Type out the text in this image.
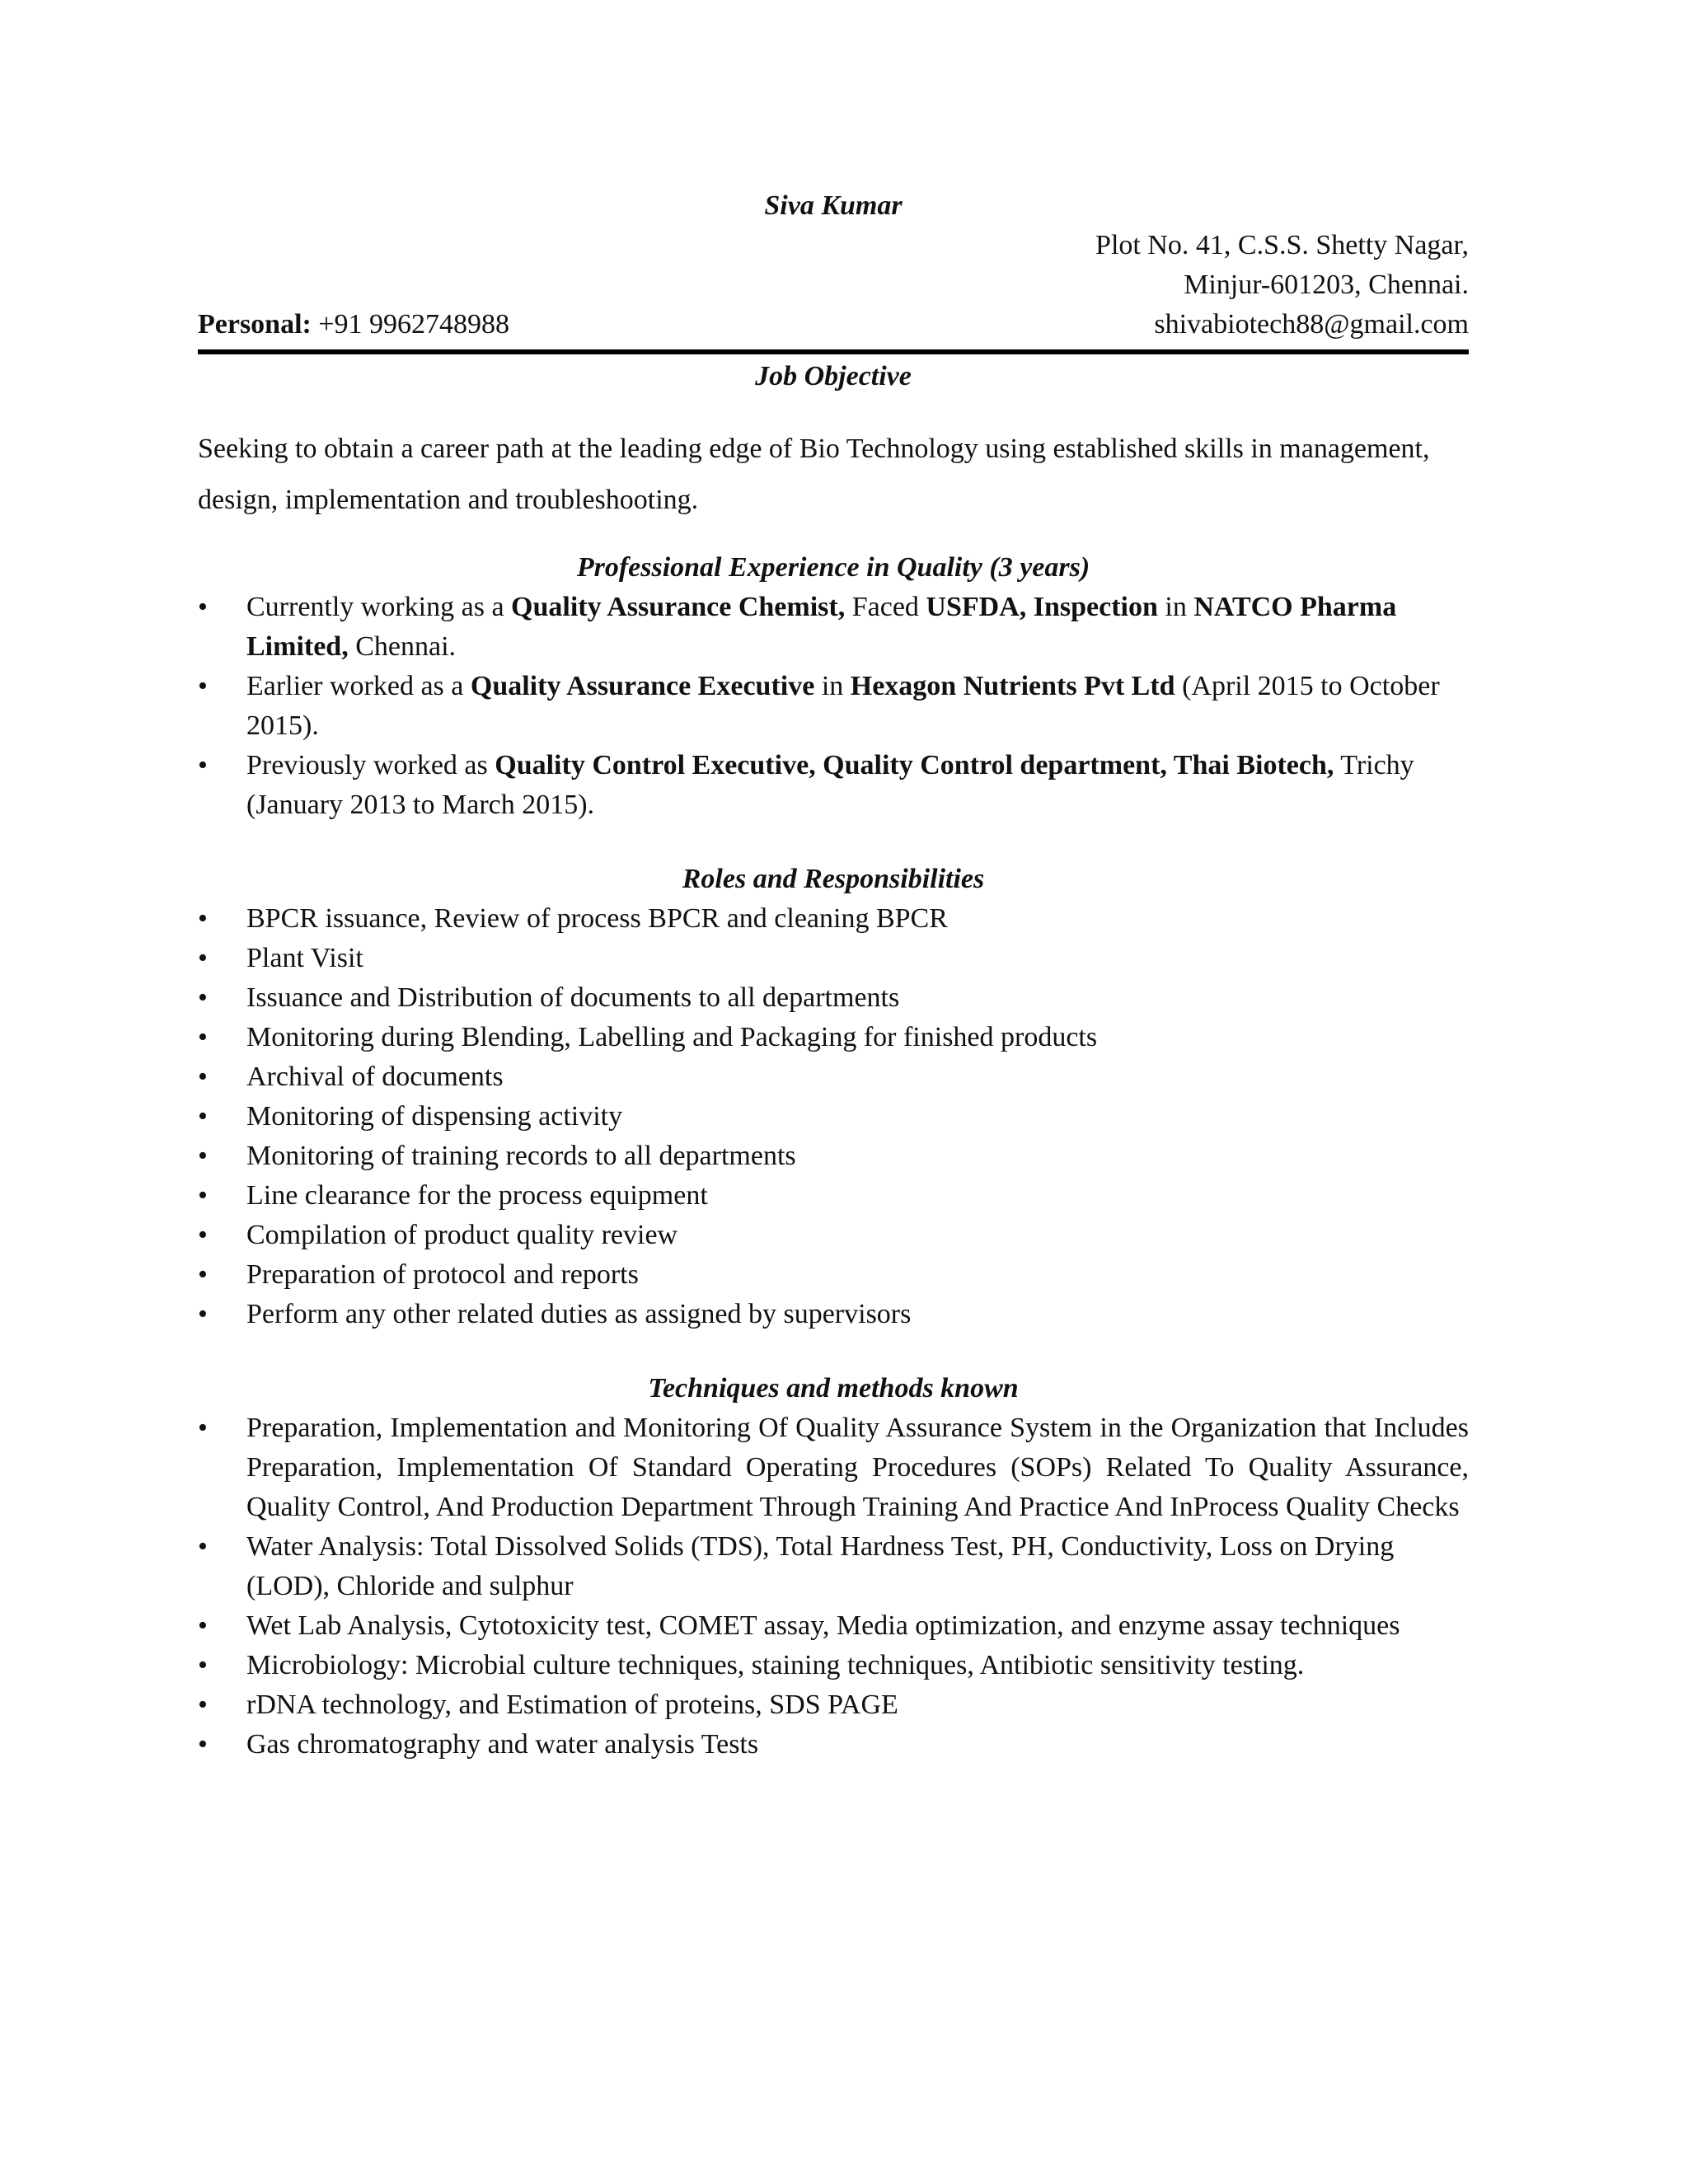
Siva Kumar
Personal: +91 9962748988
Plot No. 41, C.S.S. Shetty Nagar,
Minjur-601203, Chennai.
shivabiotech88@gmail.com
Job Objective
Seeking to obtain a career path at the leading edge of Bio Technology using established skills in management, design, implementation and troubleshooting.
Professional Experience in Quality (3 years)
• Currently working as a Quality Assurance Chemist, Faced USFDA, Inspection in NATCO Pharma Limited, Chennai.
• Earlier worked as a Quality Assurance Executive in Hexagon Nutrients Pvt Ltd (April 2015 to October 2015).
• Previously worked as Quality Control Executive, Quality Control department, Thai Biotech, Trichy (January 2013 to March 2015).
Roles and Responsibilities
• BPCR issuance, Review of process BPCR and cleaning BPCR
• Plant Visit
• Issuance and Distribution of documents to all departments
• Monitoring during Blending, Labelling and Packaging for finished products
• Archival of documents
• Monitoring of dispensing activity
• Monitoring of training records to all departments
• Line clearance for the process equipment
• Compilation of product quality review
• Preparation of protocol and reports
• Perform any other related duties as assigned by supervisors
Techniques and methods known
• Preparation, Implementation and Monitoring Of Quality Assurance System in the Organization that Includes Preparation, Implementation Of Standard Operating Procedures (SOPs) Related To Quality Assurance, Quality Control, And Production Department Through Training And Practice And InProcess Quality Checks
• Water Analysis: Total Dissolved Solids (TDS), Total Hardness Test, PH, Conductivity, Loss on Drying (LOD), Chloride and sulphur
• Wet Lab Analysis, Cytotoxicity test, COMET assay, Media optimization, and enzyme assay techniques
• Microbiology: Microbial culture techniques, staining techniques, Antibiotic sensitivity testing.
• rDNA technology, and Estimation of proteins, SDS PAGE
• Gas chromatography and water analysis Tests
